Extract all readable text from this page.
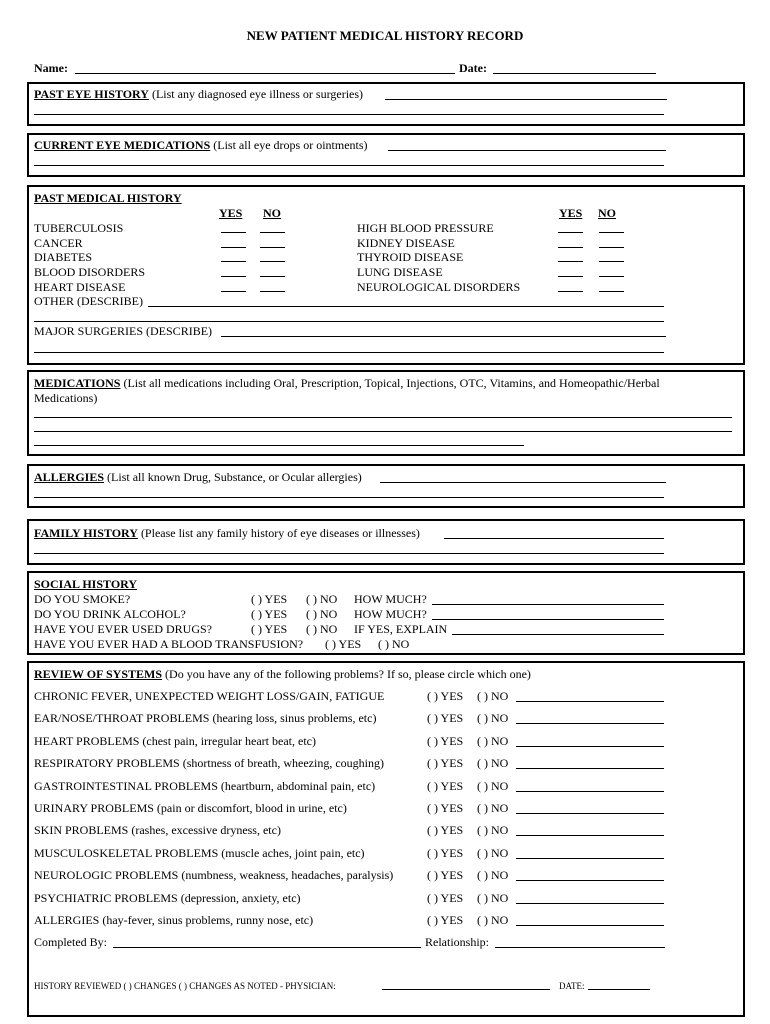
NEW PATIENT MEDICAL HISTORY RECORD
Name:	Date:
PAST EYE HISTORY (List any diagnosed eye illness or surgeries)
CURRENT EYE MEDICATIONS (List all eye drops or ointments)
PAST MEDICAL HISTORY
YES NO	YES NO
TUBERCULOSIS	HIGH BLOOD PRESSURE
CANCER	KIDNEY DISEASE
DIABETES	THYROID DISEASE
BLOOD DISORDERS	LUNG DISEASE
HEART DISEASE	NEUROLOGICAL DISORDERS
OTHER (DESCRIBE)
MAJOR SURGERIES (DESCRIBE)
MEDICATIONS (List all medications including Oral, Prescription, Topical, Injections, OTC, Vitamins, and Homeopathic/Herbal
Medications)
ALLERGIES (List all known Drug, Substance, or Ocular allergies)
FAMILY HISTORY (Please list any family history of eye diseases or illnesses)
SOCIAL HISTORY
DO YOU SMOKE?	( ) YES ( ) NO HOW MUCH?
DO YOU DRINK ALCOHOL?	( ) YES ( ) NO HOW MUCH?
HAVE YOU EVER USED DRUGS?	( ) YES ( ) NO IF YES, EXPLAIN
HAVE YOU EVER HAD A BLOOD TRANSFUSION? ( ) YES ( ) NO
REVIEW OF SYSTEMS (Do you have any of the following problems? If so, please circle which one)
CHRONIC FEVER, UNEXPECTED WEIGHT LOSS/GAIN, FATIGUE	( ) YES ( ) NO
EAR/NOSE/THROAT PROBLEMS (hearing loss, sinus problems, etc)	( ) YES ( ) NO
HEART PROBLEMS (chest pain, irregular heart beat, etc)	( ) YES ( ) NO
RESPIRATORY PROBLEMS (shortness of breath, wheezing, coughing)	( ) YES ( ) NO
GASTROINTESTINAL PROBLEMS (heartburn, abdominal pain, etc)	( ) YES ( ) NO
URINARY PROBLEMS (pain or discomfort, blood in urine, etc)	( ) YES ( ) NO
SKIN PROBLEMS (rashes, excessive dryness, etc)	( ) YES ( ) NO
MUSCULOSKELETAL PROBLEMS (muscle aches, joint pain, etc)	( ) YES ( ) NO
NEUROLOGIC PROBLEMS (numbness, weakness, headaches, paralysis)	( ) YES ( ) NO
PSYCHIATRIC PROBLEMS (depression, anxiety, etc)	( ) YES ( ) NO
ALLERGIES (hay-fever, sinus problems, runny nose, etc)	( ) YES ( ) NO
Completed By:	Relationship:
HISTORY REVIEWED ( ) CHANGES ( ) CHANGES AS NOTED - PHYSICIAN:	DATE:
